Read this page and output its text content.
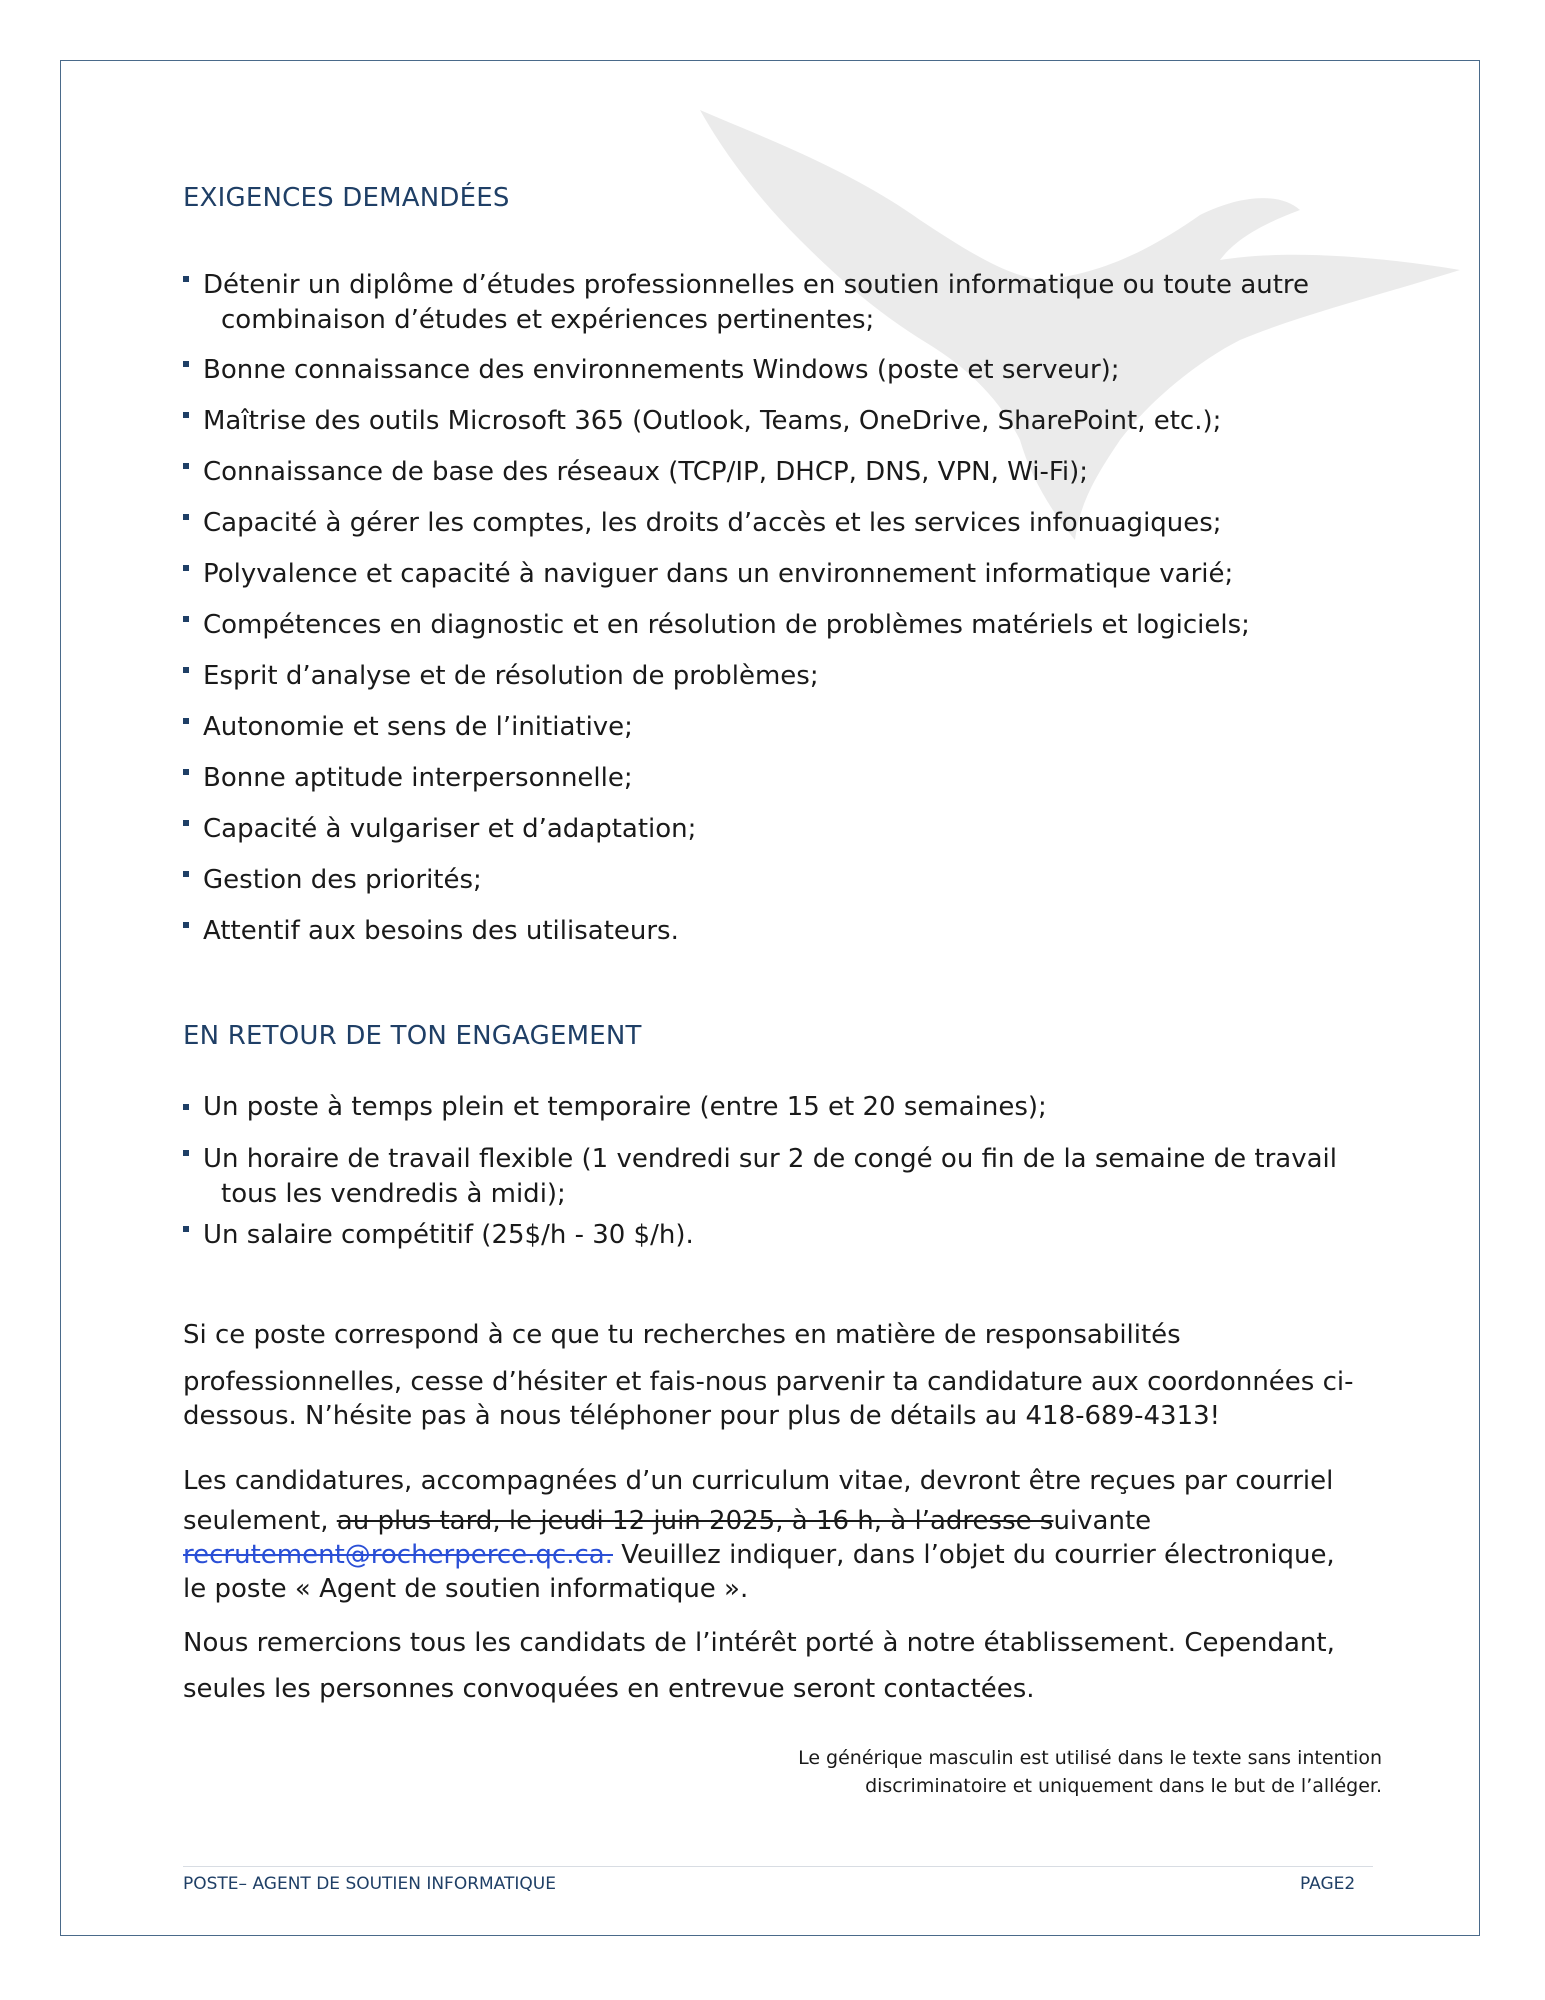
EXIGENCES DEMANDÉES
Détenir un diplôme d’études professionnelles en soutien informatique ou toute autre
combinaison d’études et expériences pertinentes;
Bonne connaissance des environnements Windows (poste et serveur);
Maîtrise des outils Microsoft 365 (Outlook, Teams, OneDrive, SharePoint, etc.);
Connaissance de base des réseaux (TCP/IP, DHCP, DNS, VPN, Wi-Fi);
Capacité à gérer les comptes, les droits d’accès et les services infonuagiques;
Polyvalence et capacité à naviguer dans un environnement informatique varié;
Compétences en diagnostic et en résolution de problèmes matériels et logiciels;
Esprit d’analyse et de résolution de problèmes;
Autonomie et sens de l’initiative;
Bonne aptitude interpersonnelle;
Capacité à vulgariser et d’adaptation;
Gestion des priorités;
Attentif aux besoins des utilisateurs.
EN RETOUR DE TON ENGAGEMENT
Un poste à temps plein et temporaire (entre 15 et 20 semaines);
Un horaire de travail flexible (1 vendredi sur 2 de congé ou fin de la semaine de travail
tous les vendredis à midi);
Un salaire compétitif (25$/h - 30 $/h).
Si ce poste correspond à ce que tu recherches en matière de responsabilités
professionnelles, cesse d’hésiter et fais-nous parvenir ta candidature aux coordonnées ci-
dessous. N’hésite pas à nous téléphoner pour plus de détails au 418-689-4313!
Les candidatures, accompagnées d’un curriculum vitae, devront être reçues par courriel
seulement, au plus tard, le jeudi 12 juin 2025, à 16 h, à l’adresse suivante
recrutement@rocherperce.qc.ca. Veuillez indiquer, dans l’objet du courrier électronique,
le poste « Agent de soutien informatique ».
Nous remercions tous les candidats de l’intérêt porté à notre établissement. Cependant,
seules les personnes convoquées en entrevue seront contactées.
Le générique masculin est utilisé dans le texte sans intention
discriminatoire et uniquement dans le but de l’alléger.
POSTE– AGENT DE SOUTIEN INFORMATIQUE	PAGE2
